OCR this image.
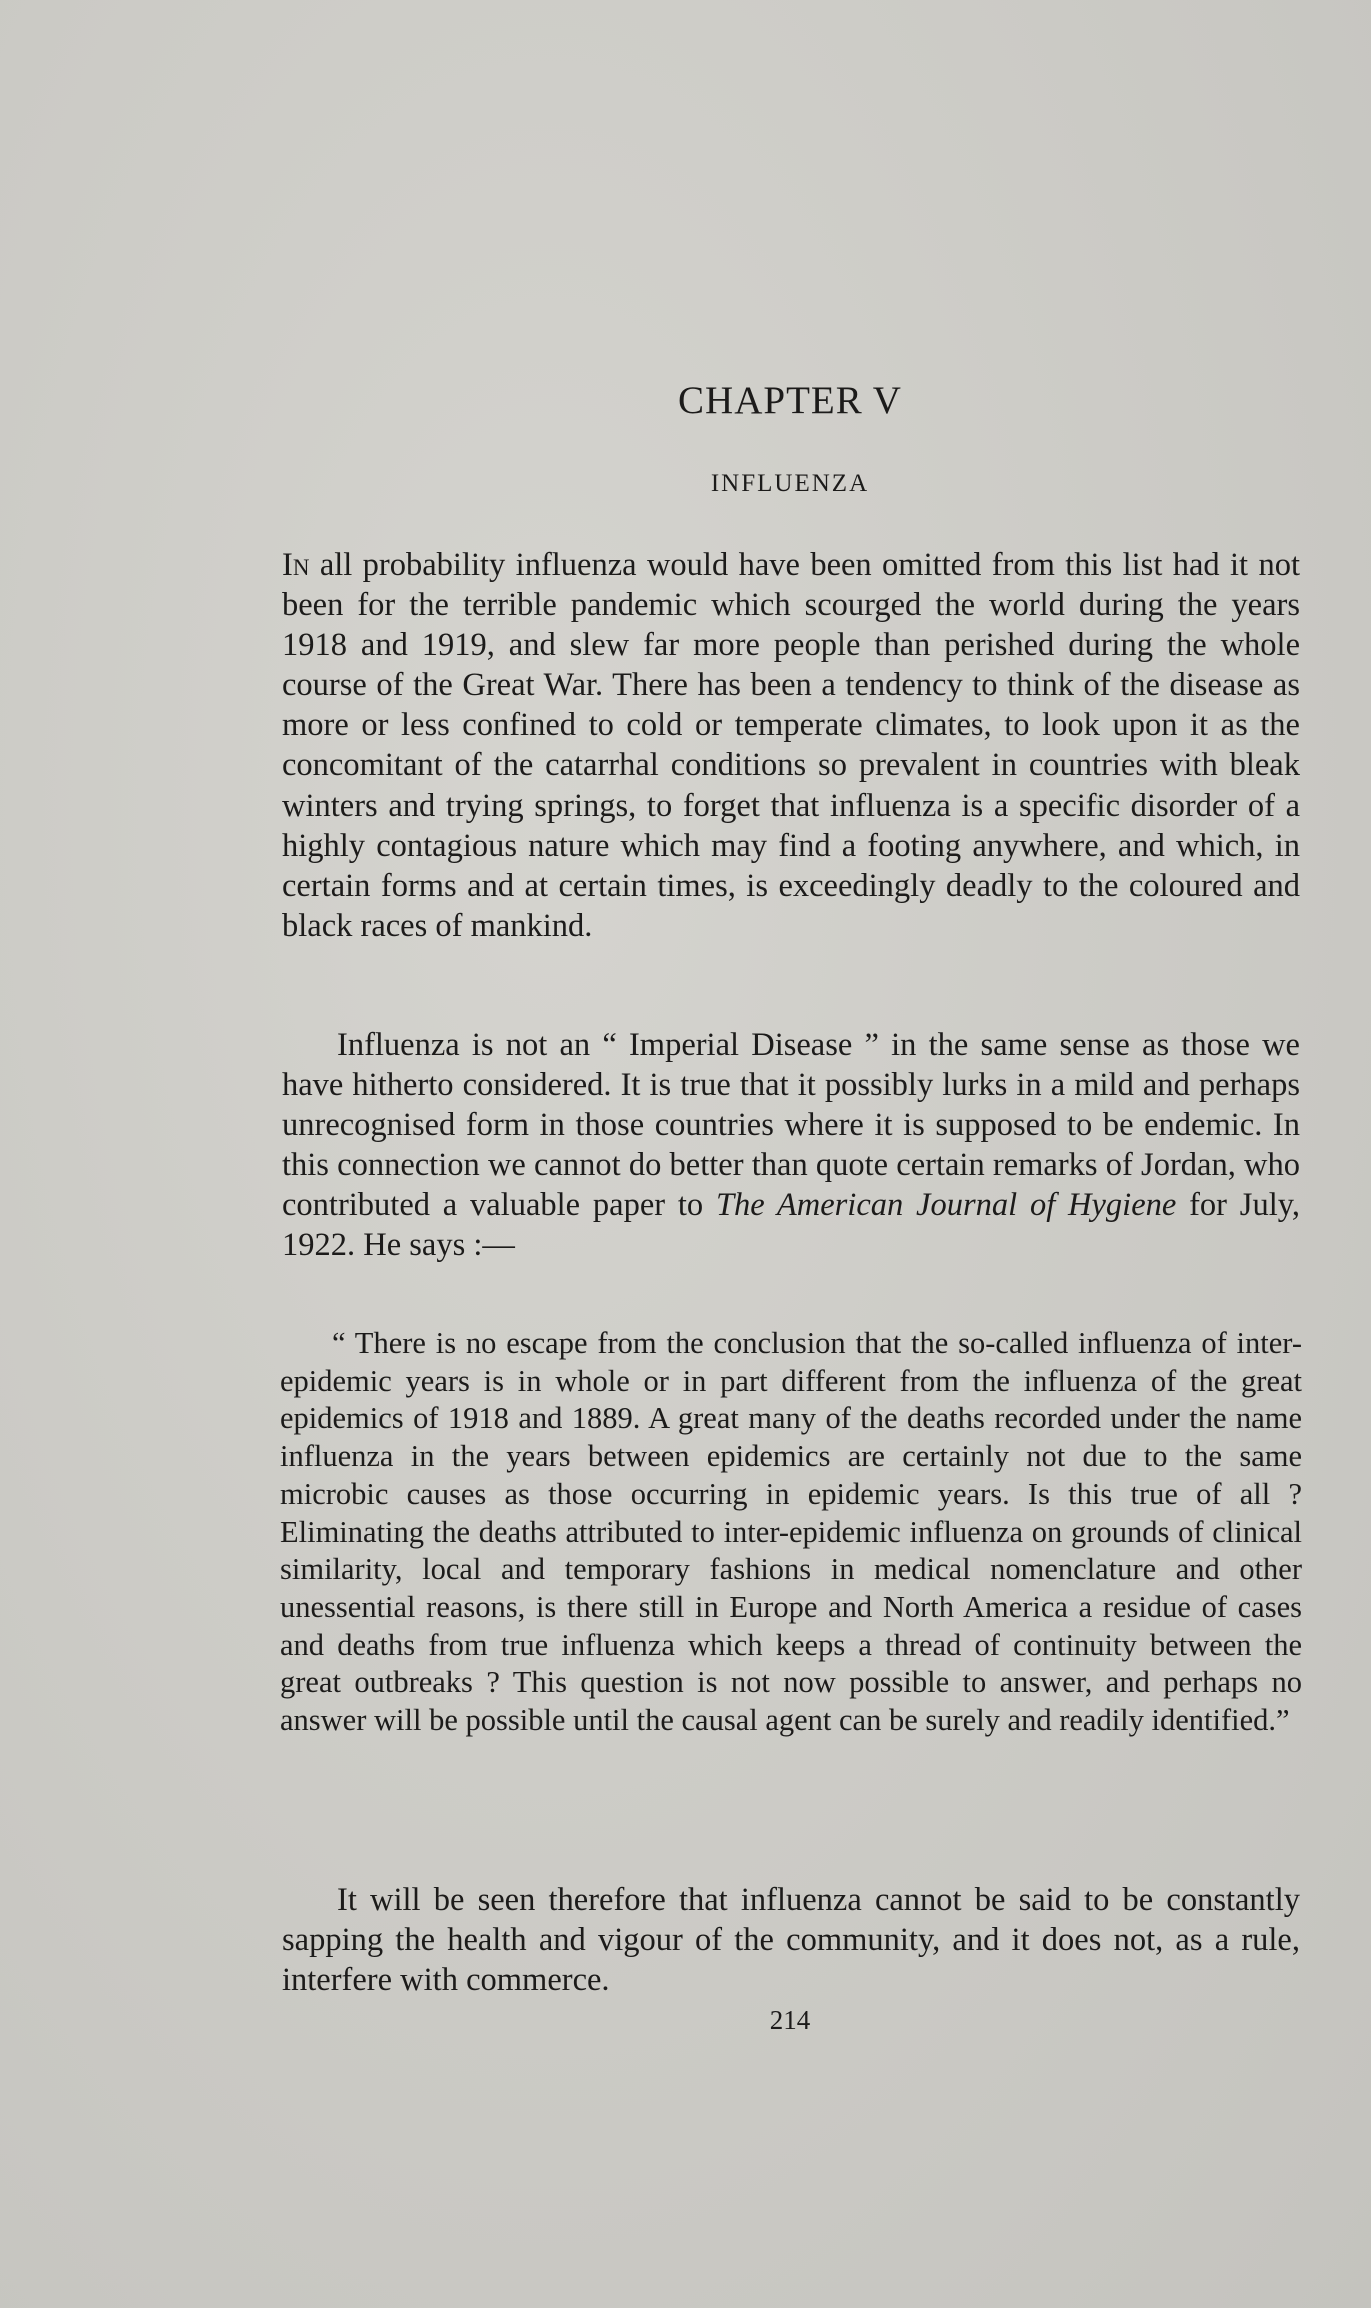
CHAPTER V
INFLUENZA

In all probability influenza would have been omitted from this list had it not been for the terrible pandemic which scourged the world during the years 1918 and 1919, and slew far more people than perished during the whole course of the Great War. There has been a tendency to think of the disease as more or less confined to cold or temperate climates, to look upon it as the concomitant of the catarrhal conditions so prevalent in countries with bleak winters and trying springs, to forget that influenza is a specific disorder of a highly contagious nature which may find a footing anywhere, and which, in certain forms and at certain times, is exceedingly deadly to the coloured and black races of mankind.

Influenza is not an “ Imperial Disease ” in the same sense as those we have hitherto considered. It is true that it possibly lurks in a mild and perhaps unrecognised form in those countries where it is supposed to be endemic. In this connection we cannot do better than quote certain remarks of Jordan, who contributed a valuable paper to The American Journal of Hygiene for July, 1922. He says :—

“ There is no escape from the conclusion that the so-called influenza of inter-epidemic years is in whole or in part different from the influenza of the great epidemics of 1918 and 1889. A great many of the deaths recorded under the name influenza in the years between epidemics are certainly not due to the same microbic causes as those occurring in epidemic years. Is this true of all ? Eliminating the deaths attributed to inter-epidemic influenza on grounds of clinical similarity, local and temporary fashions in medical nomenclature and other unessential reasons, is there still in Europe and North America a residue of cases and deaths from true influenza which keeps a thread of continuity between the great outbreaks ? This question is not now possible to answer, and perhaps no answer will be possible until the causal agent can be surely and readily identified.”

It will be seen therefore that influenza cannot be said to be constantly sapping the health and vigour of the community, and it does not, as a rule, interfere with commerce.

214
